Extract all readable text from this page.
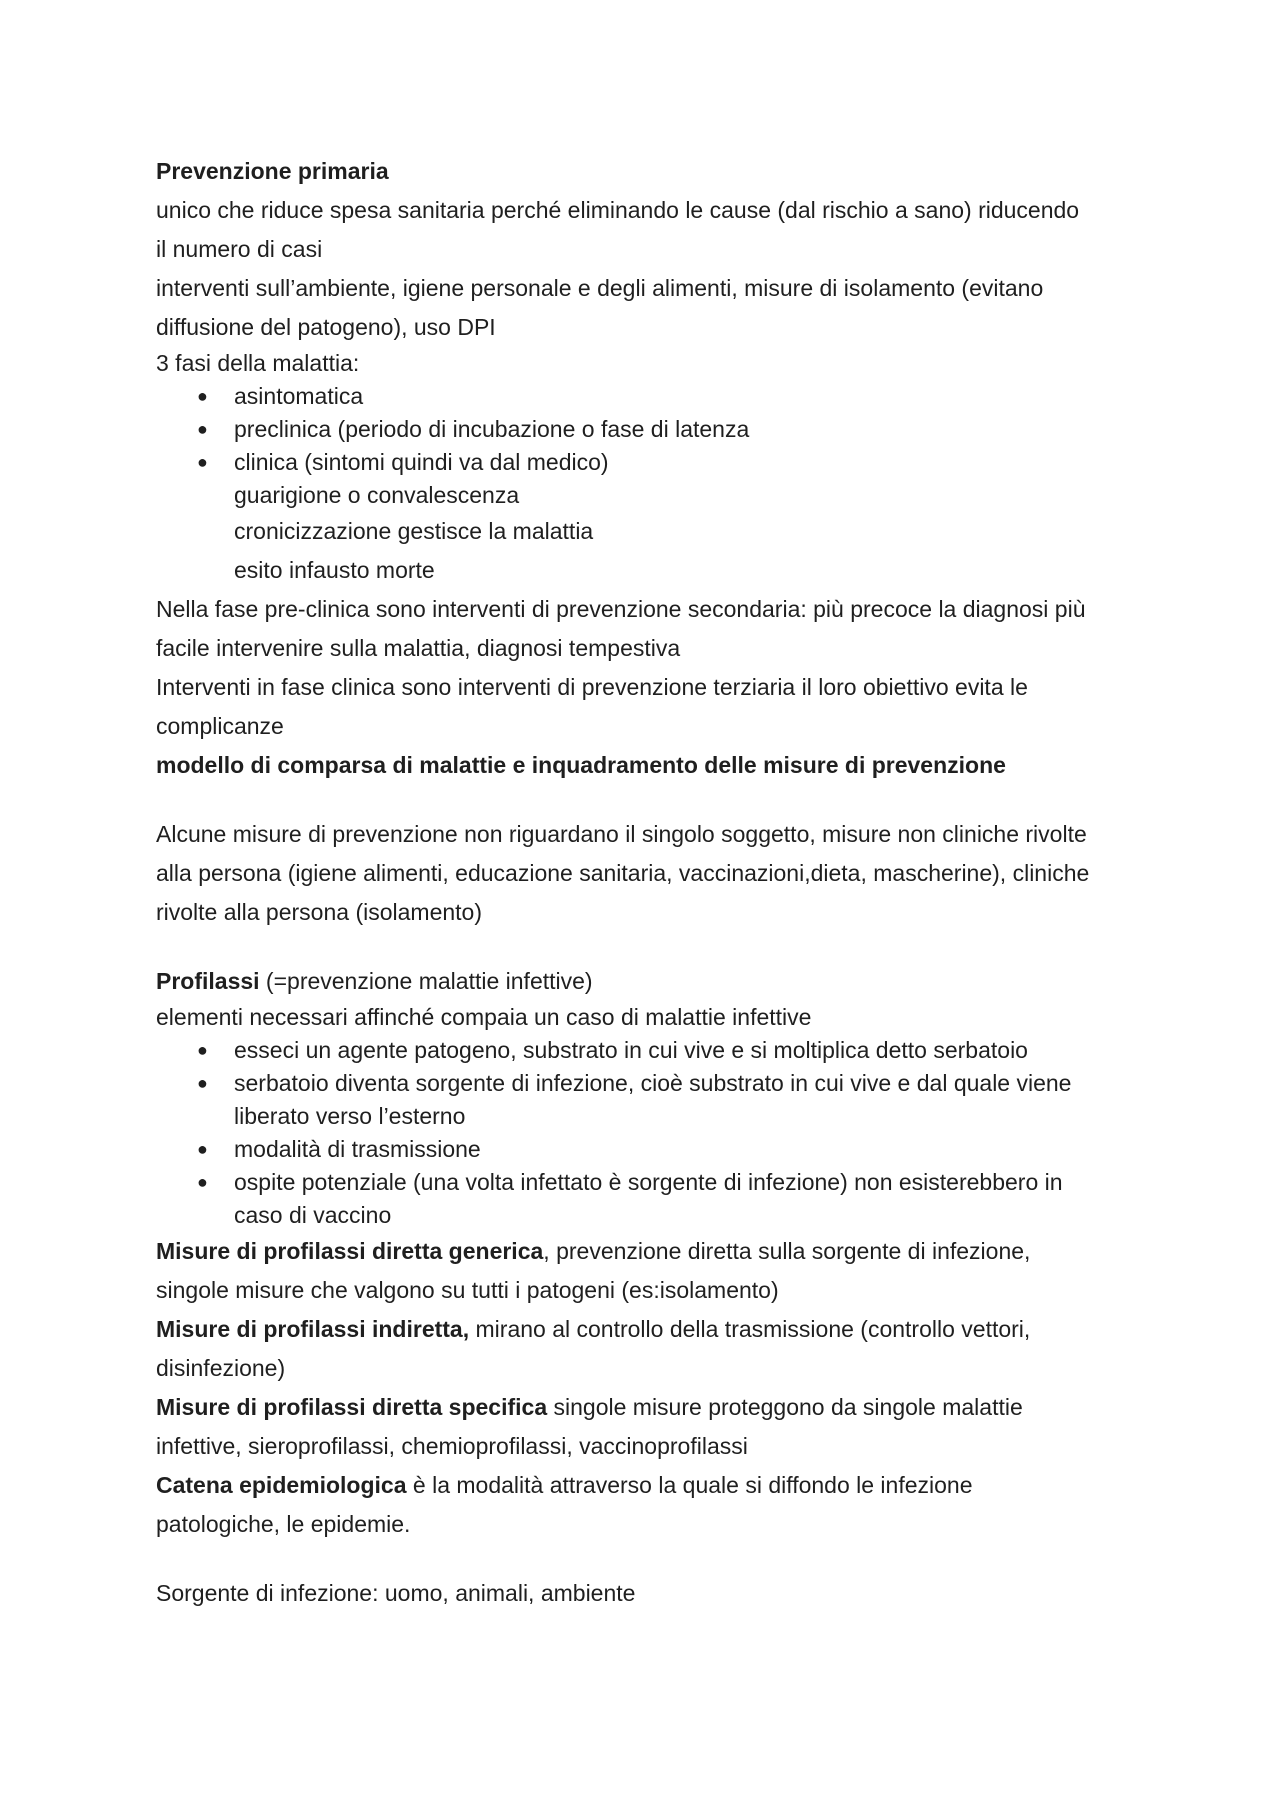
Prevenzione primaria

unico che riduce spesa sanitaria perché eliminando le cause (dal rischio a sano) riducendo

il numero di casi

interventi sull’ambiente, igiene personale e degli alimenti, misure di isolamento (evitano

diffusione del patogeno), uso DPI

3 fasi della malattia:

● asintomatica
● preclinica (periodo di incubazione o fase di latenza
● clinica (sintomi quindi va dal medico)

guarigione o convalescenza

cronicizzazione gestisce la malattia

esito infausto morte

Nella fase pre-clinica sono interventi di prevenzione secondaria: più precoce la diagnosi più

facile intervenire sulla malattia, diagnosi tempestiva

Interventi in fase clinica sono interventi di prevenzione terziaria il loro obiettivo evita le

complicanze

modello di comparsa di malattie e inquadramento delle misure di prevenzione

Alcune misure di prevenzione non riguardano il singolo soggetto, misure non cliniche rivolte

alla persona (igiene alimenti, educazione sanitaria, vaccinazioni,dieta, mascherine), cliniche

rivolte alla persona (isolamento)

Profilassi (=prevenzione malattie infettive)

elementi necessari affinché compaia un caso di malattie infettive

● esseci un agente patogeno, substrato in cui vive e si moltiplica detto serbatoio
● serbatoio diventa sorgente di infezione, cioè substrato in cui vive e dal quale viene
liberato verso l’esterno
● modalità di trasmissione
● ospite potenziale (una volta infettato è sorgente di infezione) non esisterebbero in
caso di vaccino

Misure di profilassi diretta generica, prevenzione diretta sulla sorgente di infezione,

singole misure che valgono su tutti i patogeni (es:isolamento)

Misure di profilassi indiretta, mirano al controllo della trasmissione (controllo vettori,

disinfezione)

Misure di profilassi diretta specifica singole misure proteggono da singole malattie

infettive, sieroprofilassi, chemioprofilassi, vaccinoprofilassi

Catena epidemiologica è la modalità attraverso la quale si diffondo le infezione

patologiche, le epidemie.

Sorgente di infezione: uomo, animali, ambiente
